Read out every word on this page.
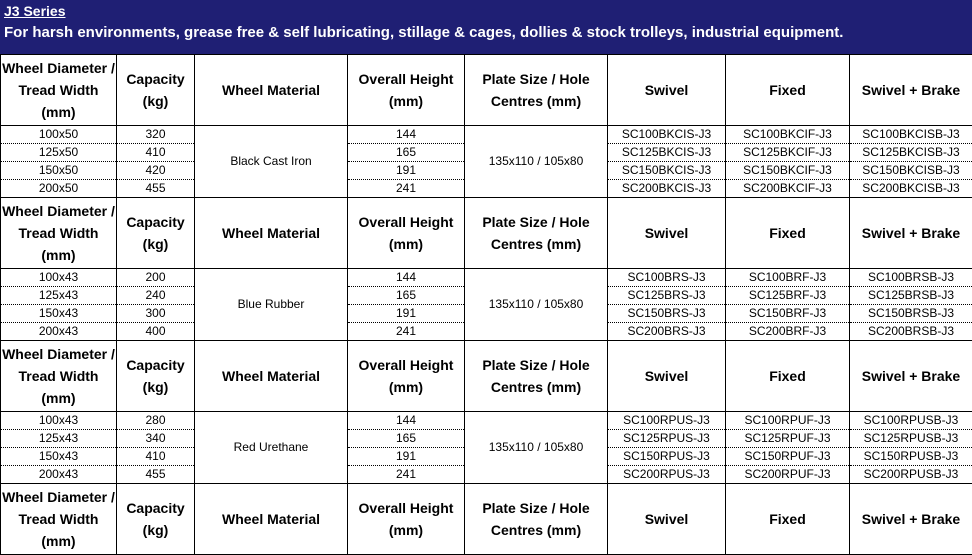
J3 Series
For harsh environments, grease free & self lubricating, stillage & cages, dollies & stock trolleys, industrial equipment.
Wheel Diameter / Tread Width (mm)	Capacity (kg)	Wheel Material	Overall Height (mm)	Plate Size / Hole Centres (mm)	Swivel	Fixed	Swivel + Brake
100x50	320	Black Cast Iron	144	135x110 / 105x80	SC100BKCIS-J3	SC100BKCIF-J3	SC100BKCISB-J3
125x50	410		165		SC125BKCIS-J3	SC125BKCIF-J3	SC125BKCISB-J3
150x50	420		191		SC150BKCIS-J3	SC150BKCIF-J3	SC150BKCISB-J3
200x50	455		241		SC200BKCIS-J3	SC200BKCIF-J3	SC200BKCISB-J3
Wheel Diameter / Tread Width (mm)	Capacity (kg)	Wheel Material	Overall Height (mm)	Plate Size / Hole Centres (mm)	Swivel	Fixed	Swivel + Brake
100x43	200	Blue Rubber	144	135x110 / 105x80	SC100BRS-J3	SC100BRF-J3	SC100BRSB-J3
125x43	240		165		SC125BRS-J3	SC125BRF-J3	SC125BRSB-J3
150x43	300		191		SC150BRS-J3	SC150BRF-J3	SC150BRSB-J3
200x43	400		241		SC200BRS-J3	SC200BRF-J3	SC200BRSB-J3
Wheel Diameter / Tread Width (mm)	Capacity (kg)	Wheel Material	Overall Height (mm)	Plate Size / Hole Centres (mm)	Swivel	Fixed	Swivel + Brake
100x43	280	Red Urethane	144	135x110 / 105x80	SC100RPUS-J3	SC100RPUF-J3	SC100RPUSB-J3
125x43	340		165		SC125RPUS-J3	SC125RPUF-J3	SC125RPUSB-J3
150x43	410		191		SC150RPUS-J3	SC150RPUF-J3	SC150RPUSB-J3
200x43	455		241		SC200RPUS-J3	SC200RPUF-J3	SC200RPUSB-J3
Wheel Diameter / Tread Width (mm)	Capacity (kg)	Wheel Material	Overall Height (mm)	Plate Size / Hole Centres (mm)	Swivel	Fixed	Swivel + Brake
